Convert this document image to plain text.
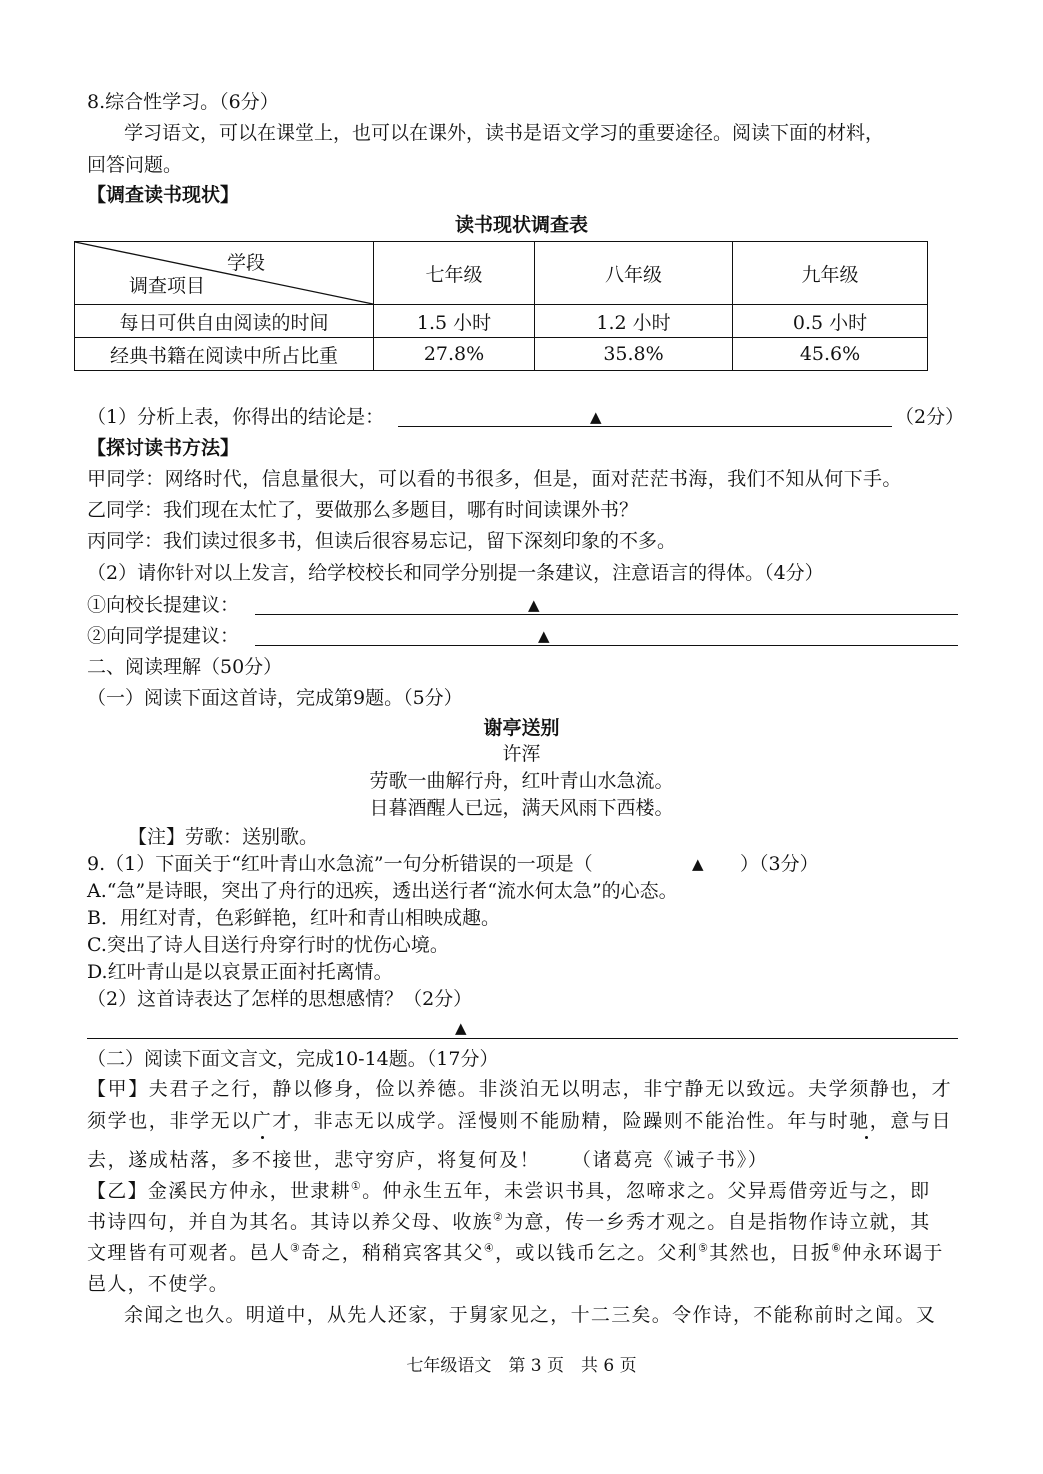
8.综合性学习。（6分）
学习语文，可以在课堂上，也可以在课外，读书是语文学习的重要途径。阅读下面的材料，
回答问题。
【调查读书现状】
读书现状调查表
学段
调查项目	七年级	八年级	九年级
每日可供自由阅读的时间	1.5 小时	1.2 小时	0.5 小时
经典书籍在阅读中所占比重	27.8%	35.8%	45.6%
（1）分析上表，你得出的结论是：	▲	（2分）
【探讨读书方法】
甲同学：网络时代，信息量很大，可以看的书很多，但是，面对茫茫书海，我们不知从何下手。
乙同学：我们现在太忙了，要做那么多题目，哪有时间读课外书？
丙同学：我们读过很多书，但读后很容易忘记，留下深刻印象的不多。
（2）请你针对以上发言，给学校校长和同学分别提一条建议，注意语言的得体。（4分）
①向校长提建议：	▲
②向同学提建议：	▲
二、阅读理解（50分）
（一）阅读下面这首诗，完成第9题。（5分）
谢亭送别
许浑
劳歌一曲解行舟，红叶青山水急流。
日暮酒醒人已远，满天风雨下西楼。
【注】劳歌：送别歌。
9.（1）下面关于“红叶青山水急流”一句分析错误的一项是（	▲ ）（3分）
A.“急”是诗眼，突出了舟行的迅疾，透出送行者“流水何太急”的心态。
B．用红对青，色彩鲜艳，红叶和青山相映成趣。
C.突出了诗人目送行舟穿行时的忧伤心境。
D.红叶青山是以哀景正面衬托离情。
（2）这首诗表达了怎样的思想感情？（2分）
▲
（二）阅读下面文言文，完成10-14题。（17分）
【甲】夫君子之行，静以修身，俭以养德。非淡泊无以明志，非宁静无以致远。夫学须静也，才
须学也，非学无以广才，非志无以成学。淫慢则不能励精，险躁则不能治性。年与时驰，意与日
去，遂成枯落，多不接世，悲守穷庐，将复何及！　　（诸葛亮《诫子书》）
【乙】金溪民方仲永，世隶耕①。仲永生五年，未尝识书具，忽啼求之。父异焉借旁近与之，即
书诗四句，并自为其名。其诗以养父母、收族②为意，传一乡秀才观之。自是指物作诗立就，其
文理皆有可观者。邑人③奇之，稍稍宾客其父④，或以钱币乞之。父利⑤其然也，日扳⑥仲永环谒于
邑人，不使学。
余闻之也久。明道中，从先人还家，于舅家见之，十二三矣。令作诗，不能称前时之闻。又
七年级语文　第 3 页　共 6 页
